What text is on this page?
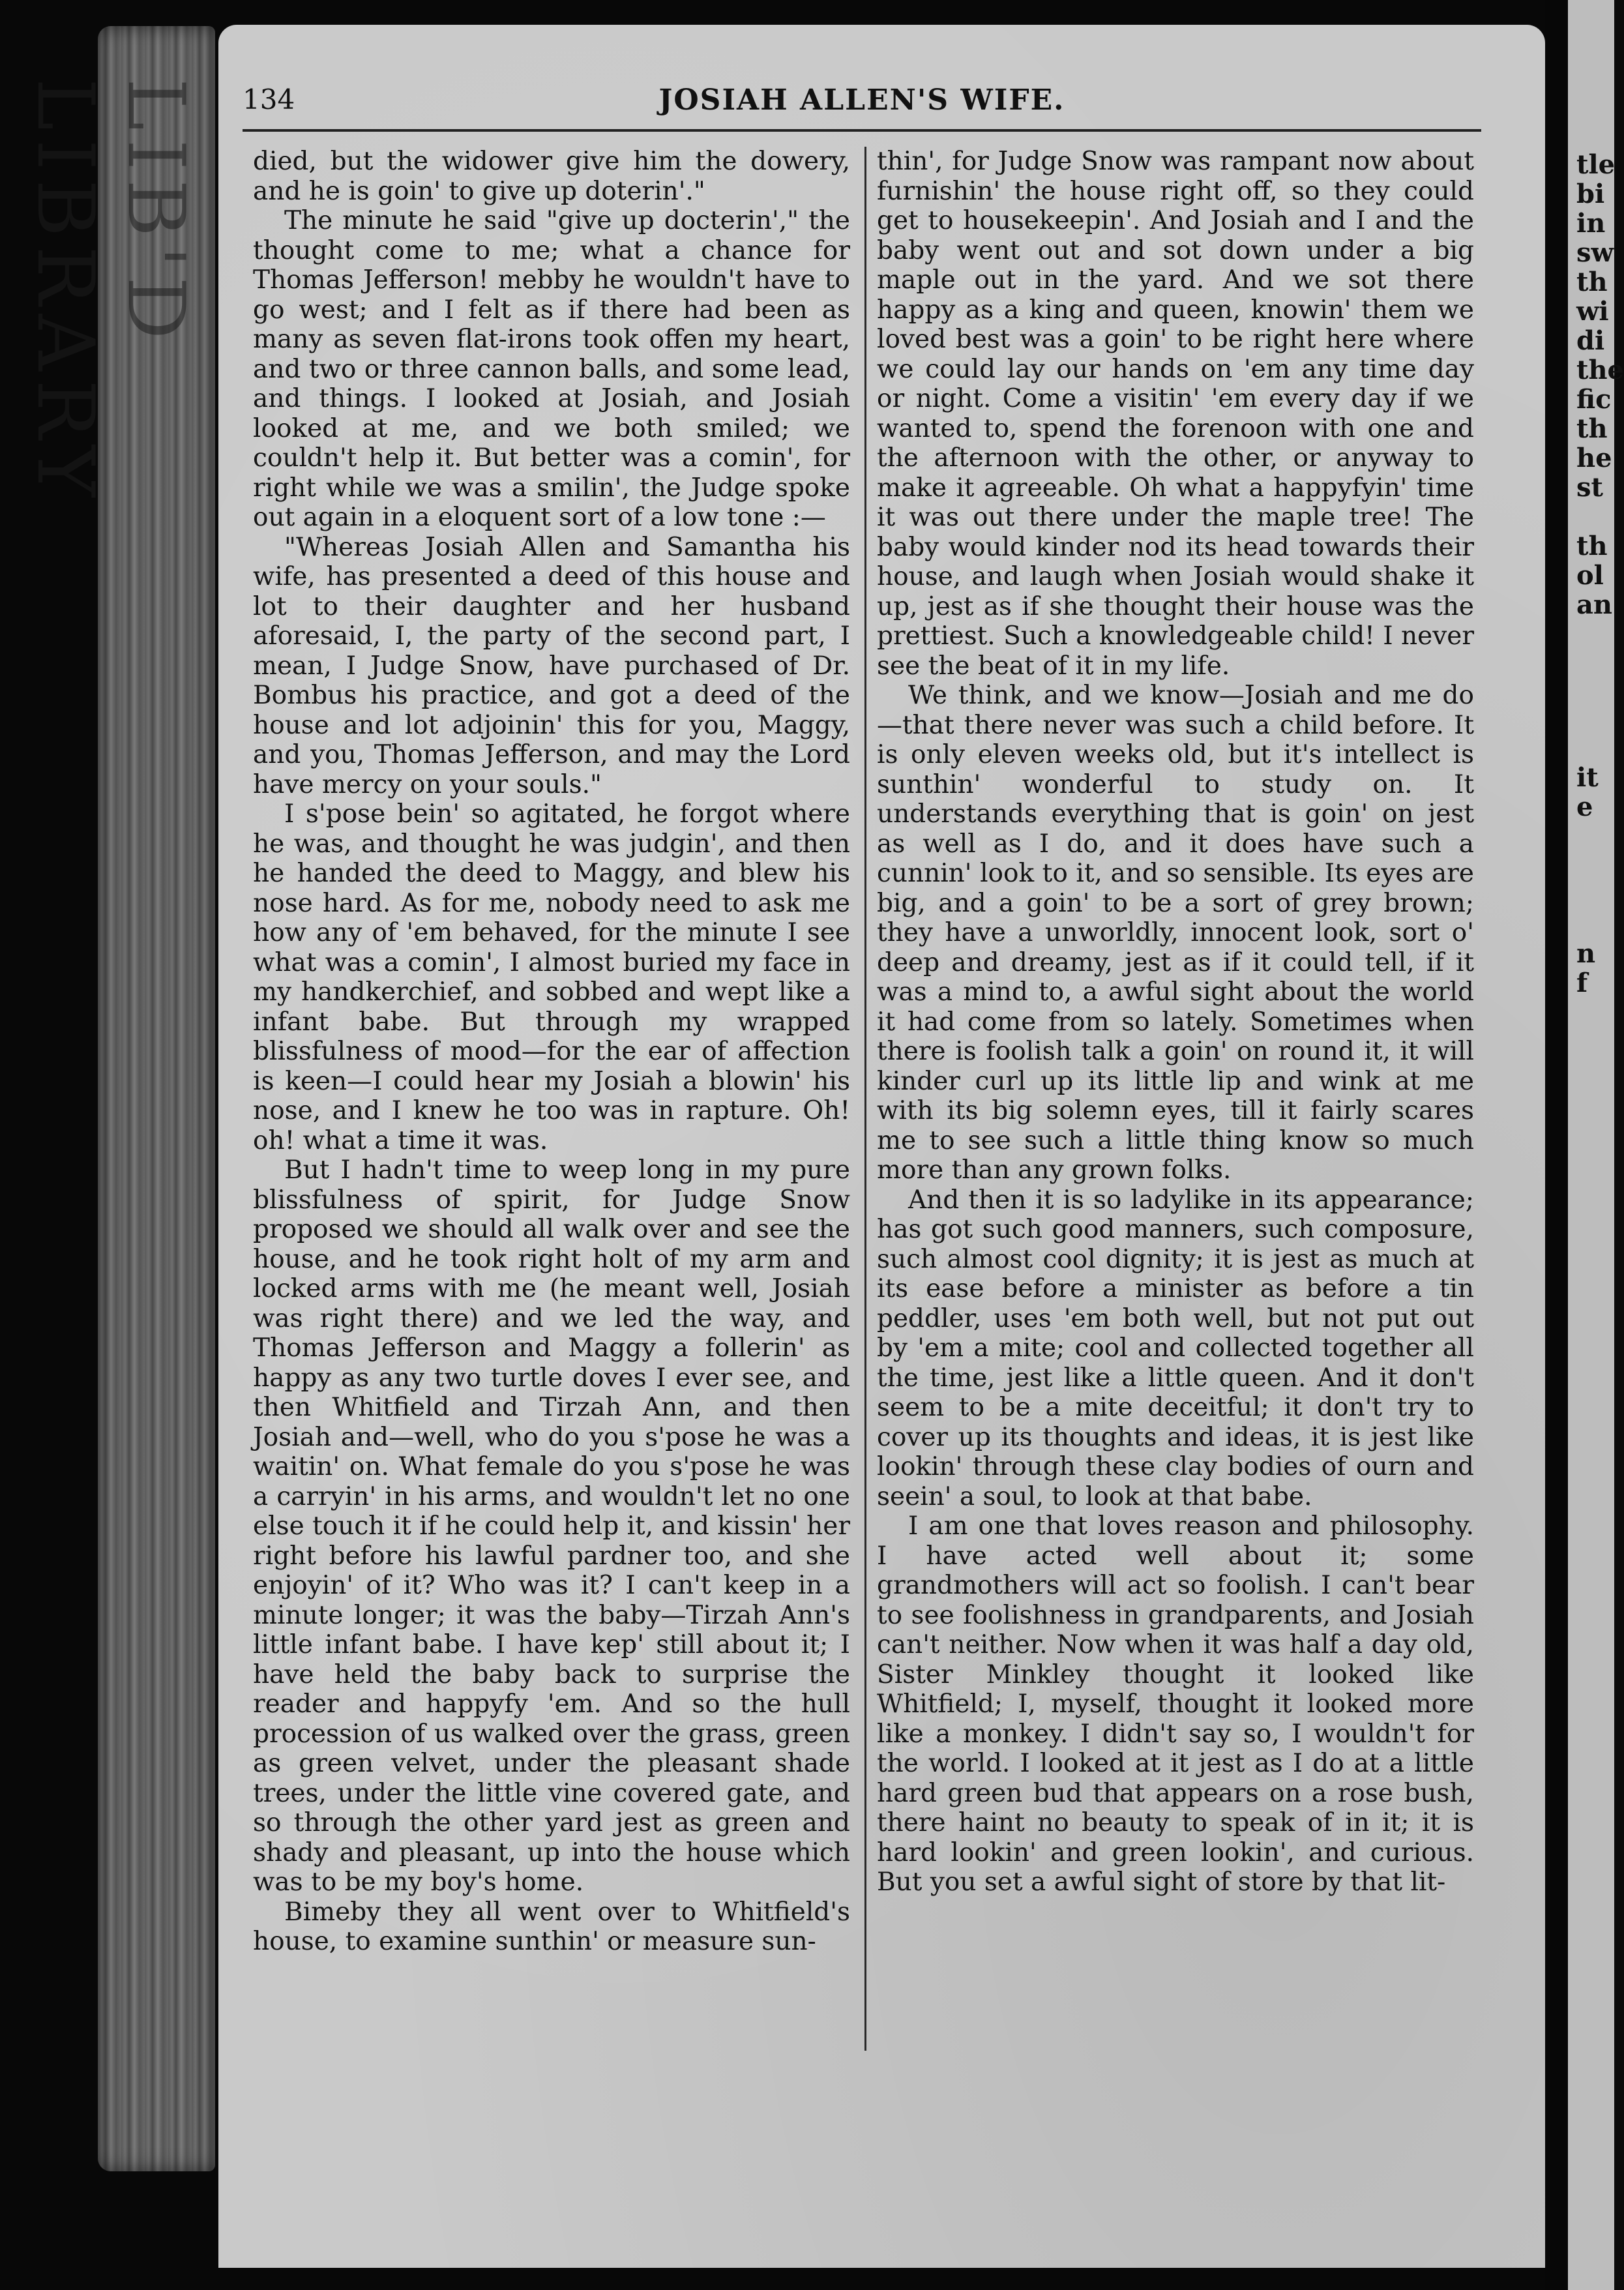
LIB'D LIBRARY	tle
bi
in
sw
th
wi
di
the
fic
th
he
st
th
ol
an
it
e
n
f
134	JOSIAH ALLEN'S WIFE.

died, but the widower give him the dowery, and he is goin' to give up doterin'."

The minute he said "give up docterin'," the thought come to me; what a chance for Thomas Jefferson! mebby he wouldn't have to go west; and I felt as if there had been as many as seven flat-irons took offen my heart, and two or three cannon balls, and some lead, and things. I looked at Josiah, and Josiah looked at me, and we both smiled; we couldn't help it. But better was a comin', for right while we was a smilin', the Judge spoke out again in a eloquent sort of a low tone :—

"Whereas Josiah Allen and Samantha his wife, has presented a deed of this house and lot to their daughter and her husband aforesaid, I, the party of the second part, I mean, I Judge Snow, have purchased of Dr. Bombus his practice, and got a deed of the house and lot adjoinin' this for you, Maggy, and you, Thomas Jefferson, and may the Lord have mercy on your souls."

I s'pose bein' so agitated, he forgot where he was, and thought he was judgin', and then he handed the deed to Maggy, and blew his nose hard. As for me, nobody need to ask me how any of 'em behaved, for the minute I see what was a comin', I almost buried my face in my handkerchief, and sobbed and wept like a infant babe. But through my wrapped blissfulness of mood—for the ear of affection is keen—I could hear my Josiah a blowin' his nose, and I knew he too was in rapture. Oh! oh! what a time it was.

But I hadn't time to weep long in my pure blissfulness of spirit, for Judge Snow proposed we should all walk over and see the house, and he took right holt of my arm and locked arms with me (he meant well, Josiah was right there) and we led the way, and Thomas Jefferson and Maggy a follerin' as happy as any two turtle doves I ever see, and then Whitfield and Tirzah Ann, and then Josiah and—well, who do you s'pose he was a waitin' on. What female do you s'pose he was a carryin' in his arms, and wouldn't let no one else touch it if he could help it, and kissin' her right before his lawful pardner too, and she enjoyin' of it? Who was it? I can't keep in a minute longer; it was the baby—Tirzah Ann's little infant babe. I have kep' still about it; I have held the baby back to surprise the reader and happyfy 'em. And so the hull procession of us walked over the grass, green as green velvet, under the pleasant shade trees, under the little vine covered gate, and so through the other yard jest as green and shady and pleasant, up into the house which was to be my boy's home.

Bimeby they all went over to Whitfield's house, to examine sunthin' or measure sun-

thin', for Judge Snow was rampant now about furnishin' the house right off, so they could get to housekeepin'. And Josiah and I and the baby went out and sot down under a big maple out in the yard. And we sot there happy as a king and queen, knowin' them we loved best was a goin' to be right here where we could lay our hands on 'em any time day or night. Come a visitin' 'em every day if we wanted to, spend the forenoon with one and the afternoon with the other, or anyway to make it agreeable. Oh what a happyfyin' time it was out there under the maple tree! The baby would kinder nod its head towards their house, and laugh when Josiah would shake it up, jest as if she thought their house was the prettiest. Such a knowledgeable child! I never see the beat of it in my life.

We think, and we know—Josiah and me do—that there never was such a child before. It is only eleven weeks old, but it's intellect is sunthin' wonderful to study on. It understands everything that is goin' on jest as well as I do, and it does have such a cunnin' look to it, and so sensible. Its eyes are big, and a goin' to be a sort of grey brown; they have a unworldly, innocent look, sort o' deep and dreamy, jest as if it could tell, if it was a mind to, a awful sight about the world it had come from so lately. Sometimes when there is foolish talk a goin' on round it, it will kinder curl up its little lip and wink at me with its big solemn eyes, till it fairly scares me to see such a little thing know so much more than any grown folks.

And then it is so ladylike in its appearance; has got such good manners, such composure, such almost cool dignity; it is jest as much at its ease before a minister as before a tin peddler, uses 'em both well, but not put out by 'em a mite; cool and collected together all the time, jest like a little queen. And it don't seem to be a mite deceitful; it don't try to cover up its thoughts and ideas, it is jest like lookin' through these clay bodies of ourn and seein' a soul, to look at that babe.

I am one that loves reason and philosophy. I have acted well about it; some grandmothers will act so foolish. I can't bear to see foolishness in grandparents, and Josiah can't neither. Now when it was half a day old, Sister Minkley thought it looked like Whitfield; I, myself, thought it looked more like a monkey. I didn't say so, I wouldn't for the world. I looked at it jest as I do at a little hard green bud that appears on a rose bush, there haint no beauty to speak of in it; it is hard lookin' and green lookin', and curious. But you set a awful sight of store by that lit-
